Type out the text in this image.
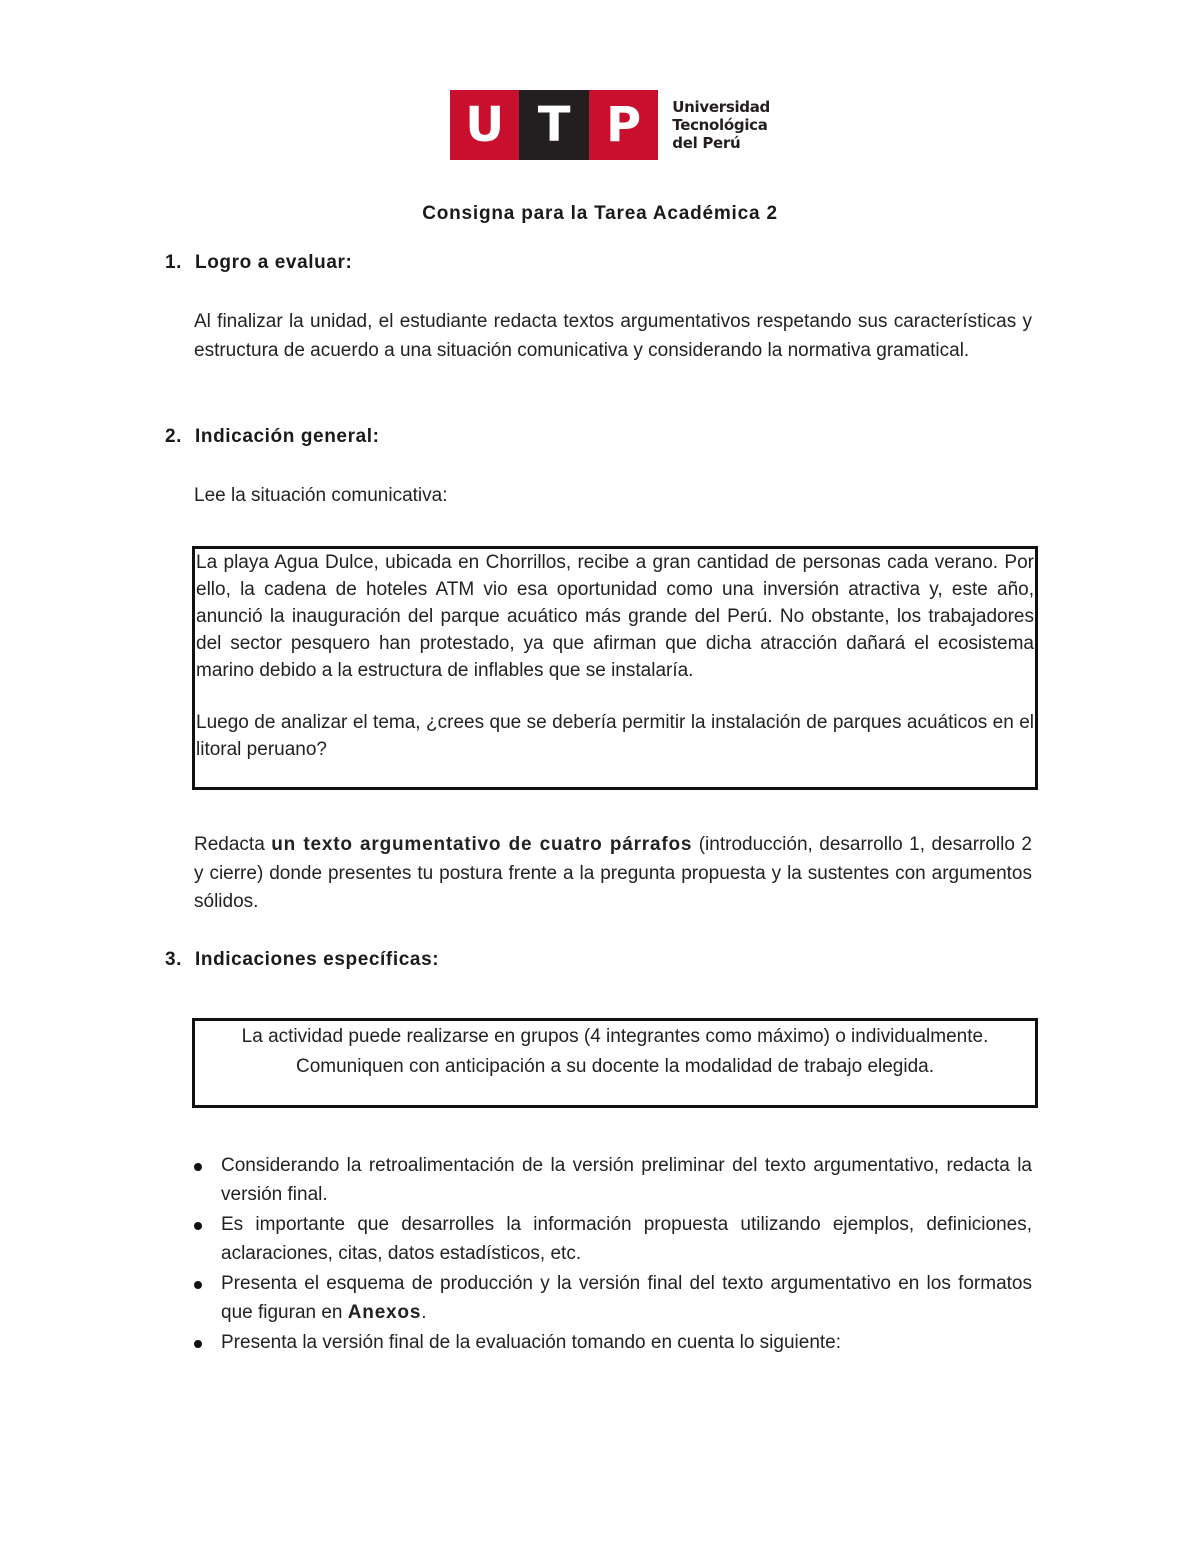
U T P	Universidad
Tecnológica
del Perú
Consigna para la Tarea Académica 2
1. Logro a evaluar:
Al finalizar la unidad, el estudiante redacta textos argumentativos respetando sus características y estructura de acuerdo a una situación comunicativa y considerando la normativa gramatical.
2. Indicación general:
Lee la situación comunicativa:

La playa Agua Dulce, ubicada en Chorrillos, recibe a gran cantidad de personas cada verano. Por ello, la cadena de hoteles ATM vio esa oportunidad como una inversión atractiva y, este año, anunció la inauguración del parque acuático más grande del Perú. No obstante, los trabajadores del sector pesquero han protestado, ya que afirman que dicha atracción dañará el ecosistema marino debido a la estructura de inflables que se instalaría.

Luego de analizar el tema, ¿crees que se debería permitir la instalación de parques acuáticos en el litoral peruano?

Redacta un texto argumentativo de cuatro párrafos (introducción, desarrollo 1, desarrollo 2 y cierre) donde presentes tu postura frente a la pregunta propuesta y la sustentes con argumentos sólidos.
3. Indicaciones específicas:
La actividad puede realizarse en grupos (4 integrantes como máximo) o individualmente. Comuniquen con anticipación a su docente la modalidad de trabajo elegida.
Considerando la retroalimentación de la versión preliminar del texto argumentativo, redacta la versión final.
Es importante que desarrolles la información propuesta utilizando ejemplos, definiciones, aclaraciones, citas, datos estadísticos, etc.
Presenta el esquema de producción y la versión final del texto argumentativo en los formatos que figuran en Anexos.
Presenta la versión final de la evaluación tomando en cuenta lo siguiente:
